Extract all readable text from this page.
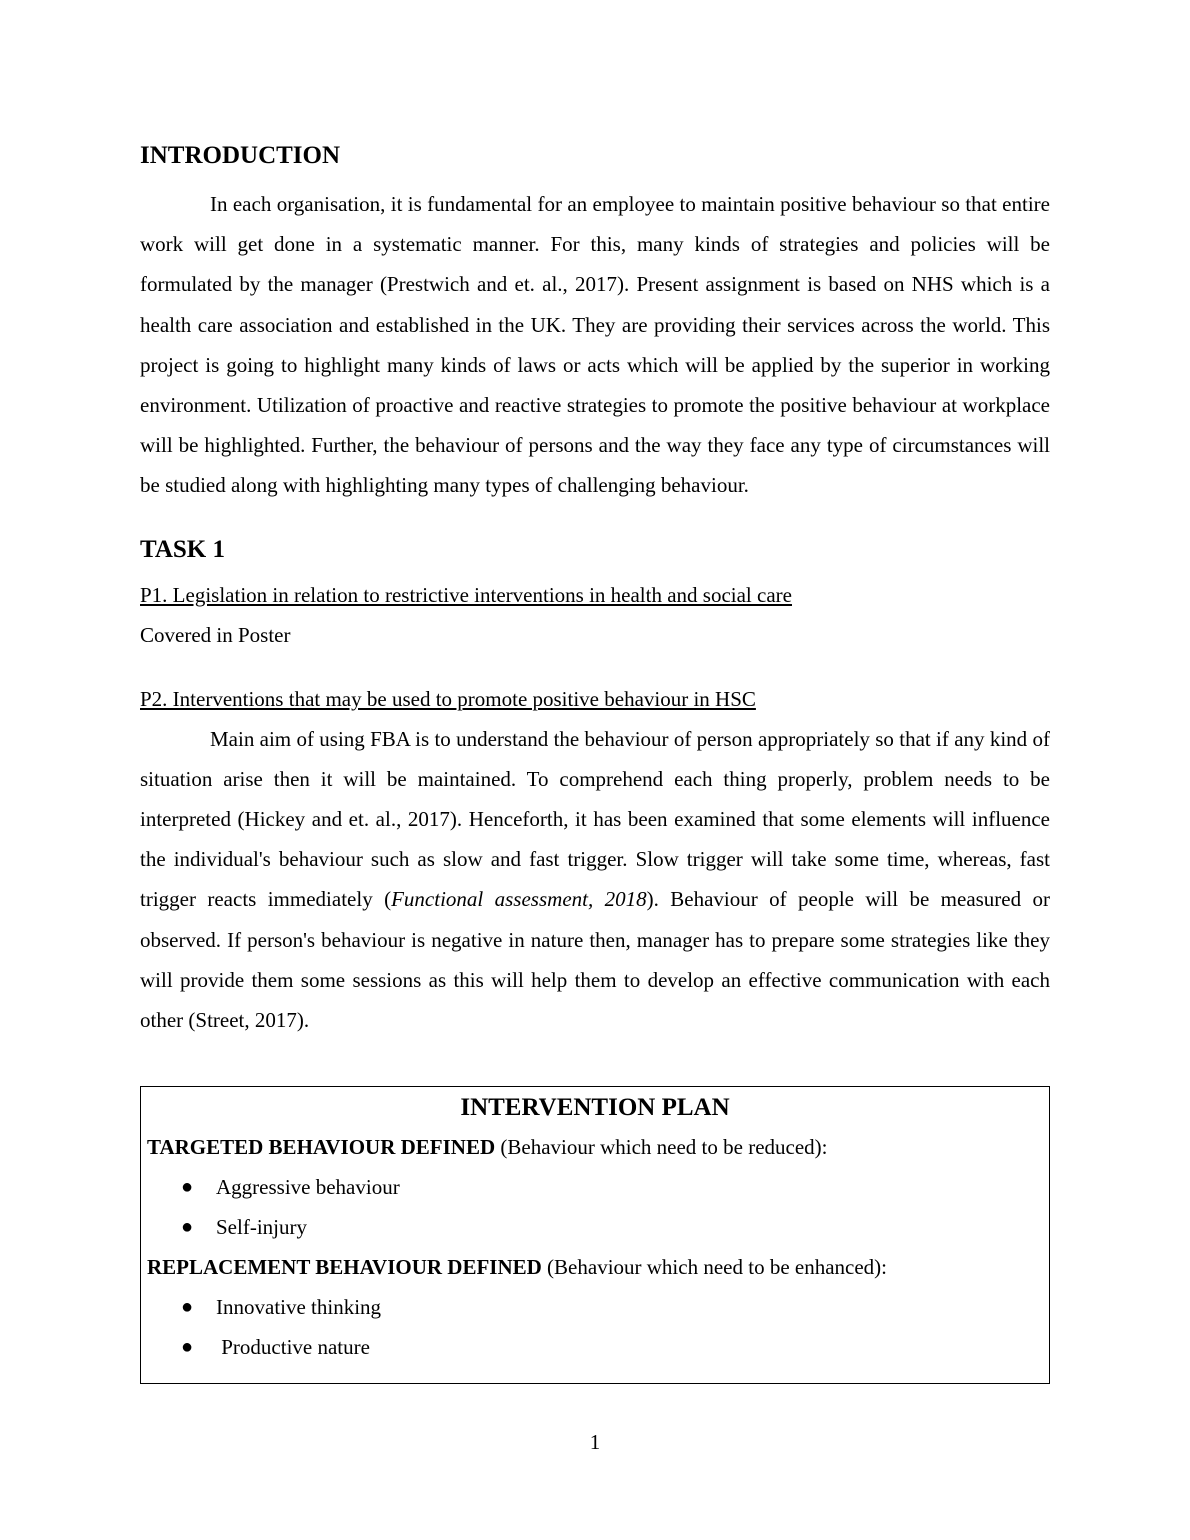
INTRODUCTION

In each organisation, it is fundamental for an employee to maintain positive behaviour so that entire work will get done in a systematic manner. For this, many kinds of strategies and policies will be formulated by the manager (Prestwich and et. al., 2017). Present assignment is based on NHS which is a health care association and established in the UK. They are providing their services across the world. This project is going to highlight many kinds of laws or acts which will be applied by the superior in working environment. Utilization of proactive and reactive strategies to promote the positive behaviour at workplace will be highlighted. Further, the behaviour of persons and the way they face any type of circumstances will be studied along with highlighting many types of challenging behaviour.

TASK 1
P1. Legislation in relation to restrictive interventions in health and social care
Covered in Poster
P2. Interventions that may be used to promote positive behaviour in HSC

Main aim of using FBA is to understand the behaviour of person appropriately so that if any kind of situation arise then it will be maintained. To comprehend each thing properly, problem needs to be interpreted (Hickey and et. al., 2017). Henceforth, it has been examined that some elements will influence the individual's behaviour such as slow and fast trigger. Slow trigger will take some time, whereas, fast trigger reacts immediately (Functional assessment, 2018). Behaviour of people will be measured or observed. If person's behaviour is negative in nature then, manager has to prepare some strategies like they will provide them some sessions as this will help them to develop an effective communication with each other (Street, 2017).

INTERVENTION PLAN
TARGETED BEHAVIOUR DEFINED (Behaviour which need to be reduced):
● Aggressive behaviour
● Self-injury
REPLACEMENT BEHAVIOUR DEFINED (Behaviour which need to be enhanced):
● Innovative thinking
● Productive nature
1
